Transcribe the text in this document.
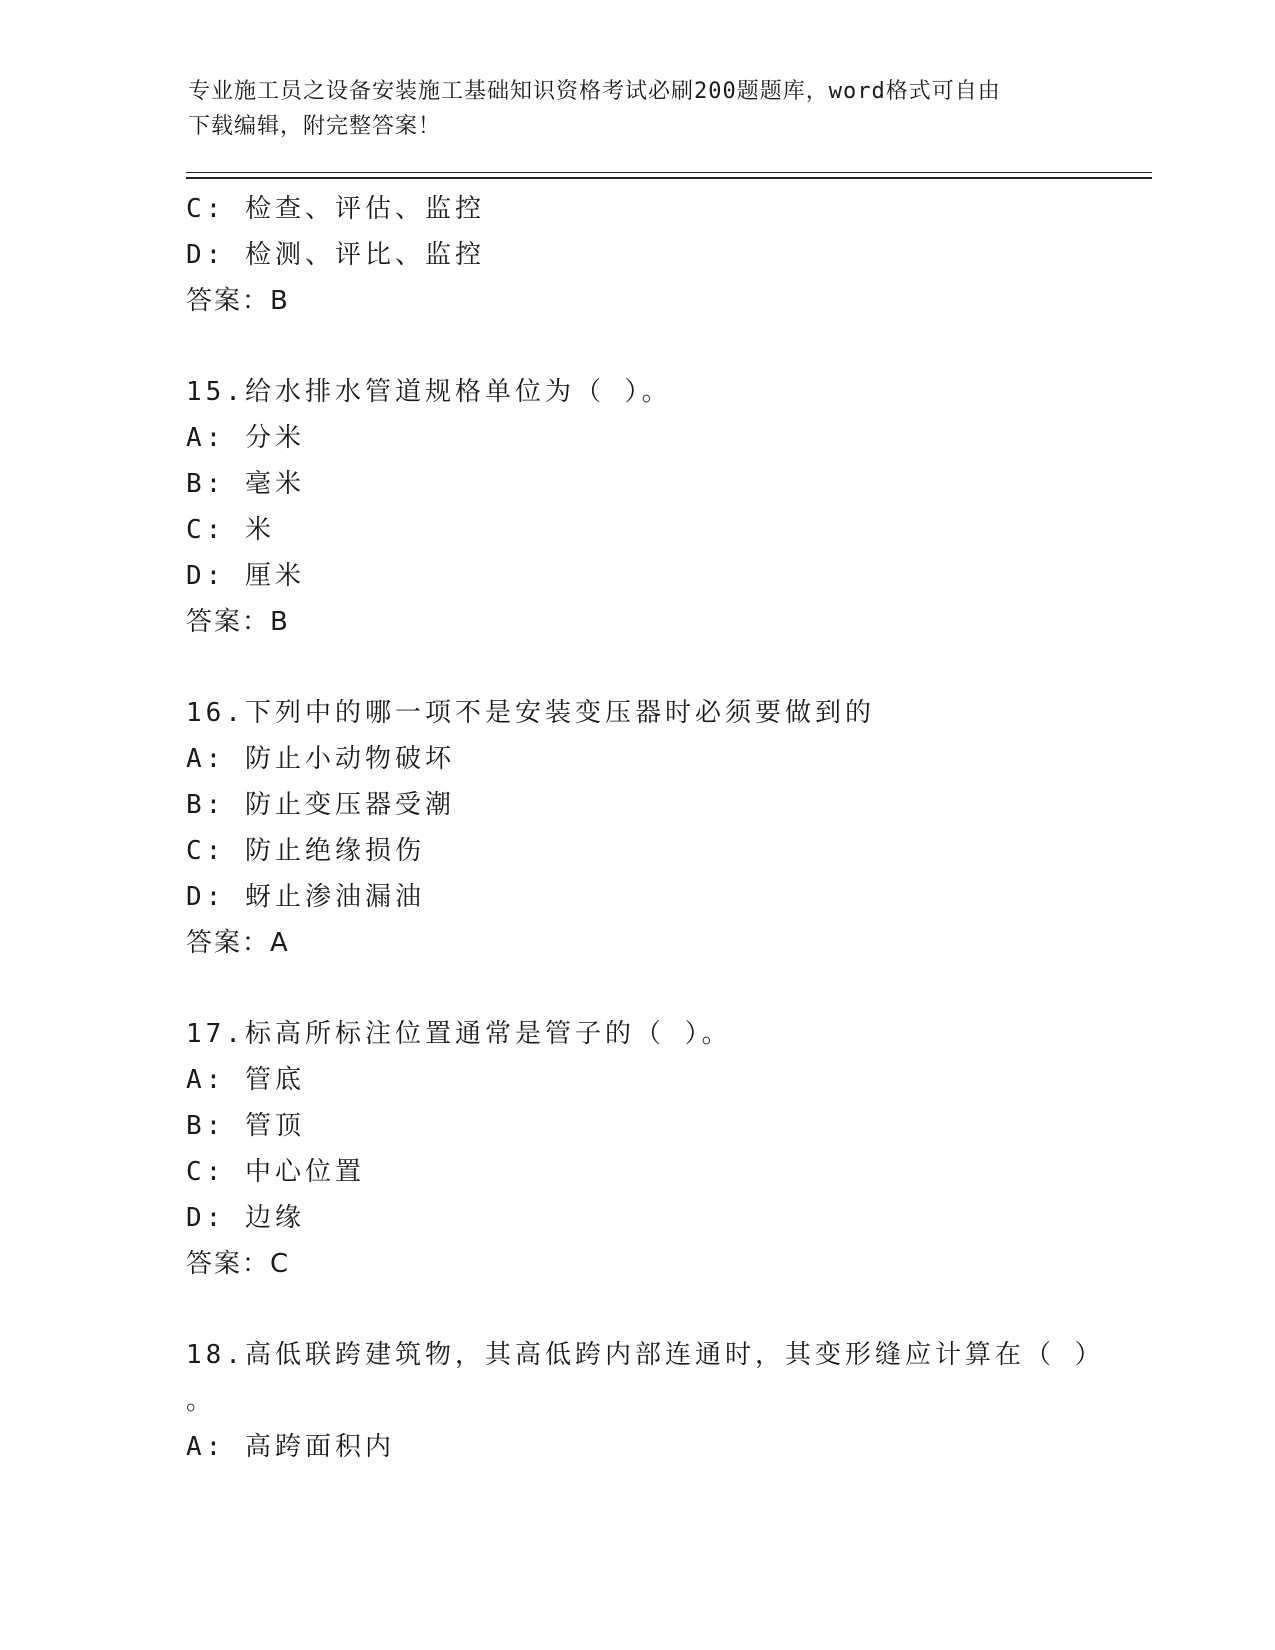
专业施工员之设备安装施工基础知识资格考试必刷200题题库，word格式可自由
下载编辑，附完整答案！
C: 检查、评估、监控
D: 检测、评比、监控
答案：B
15.给水排水管道规格单位为（ ）。
A: 分米
B: 毫米
C: 米
D: 厘米
答案：B
16.下列中的哪一项不是安装变压器时必须要做到的
A: 防止小动物破坏
B: 防止变压器受潮
C: 防止绝缘损伤
D: 蚜止渗油漏油
答案：A
17.标高所标注位置通常是管子的（ ）。
A: 管底
B: 管顶
C: 中心位置
D: 边缘
答案：C
18.高低联跨建筑物，其高低跨内部连通时，其变形缝应计算在（ ）
。
A: 高跨面积内
